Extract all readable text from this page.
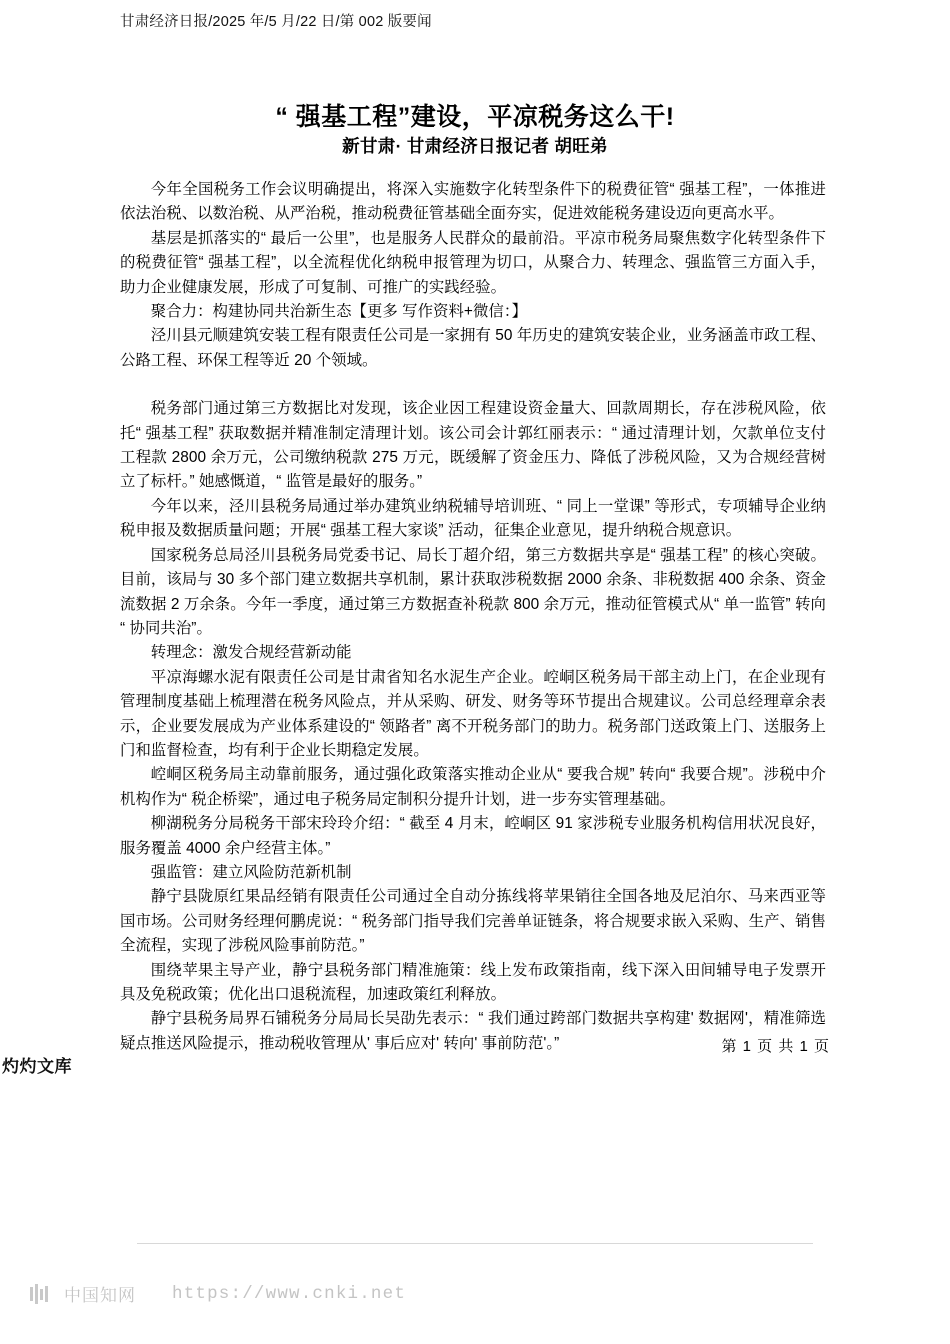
甘肃经济日报/2025 年/5 月/22 日/第 002 版要闻
“ 强基工程”建设，平凉税务这么干!
新甘肃· 甘肃经济日报记者 胡旺弟

今年全国税务工作会议明确提出，将深入实施数字化转型条件下的税费征管“ 强基工程”，一体推进依法治税、以数治税、从严治税，推动税费征管基础全面夯实，促进效能税务建设迈向更高水平。

基层是抓落实的“ 最后一公里”，也是服务人民群众的最前沿。平凉市税务局聚焦数字化转型条件下的税费征管“ 强基工程”，以全流程优化纳税申报管理为切口，从聚合力、转理念、强监管三方面入手，助力企业健康发展，形成了可复制、可推广的实践经验。

聚合力：构建协同共治新生态【更多 写作资料+微信：】

泾川县元顺建筑安装工程有限责任公司是一家拥有 50 年历史的建筑安装企业，业务涵盖市政工程、公路工程、环保工程等近 20 个领域。

税务部门通过第三方数据比对发现，该企业因工程建设资金量大、回款周期长，存在涉税风险，依托“ 强基工程” 获取数据并精准制定清理计划。该公司会计郭红丽表示：“ 通过清理计划，欠款单位支付工程款 2800 余万元，公司缴纳税款 275 万元，既缓解了资金压力、降低了涉税风险，又为合规经营树立了标杆。” 她感慨道，“ 监管是最好的服务。”

今年以来，泾川县税务局通过举办建筑业纳税辅导培训班、“ 同上一堂课” 等形式，专项辅导企业纳税申报及数据质量问题；开展“ 强基工程大家谈” 活动，征集企业意见，提升纳税合规意识。

国家税务总局泾川县税务局党委书记、局长丁超介绍，第三方数据共享是“ 强基工程” 的核心突破。目前，该局与 30 多个部门建立数据共享机制，累计获取涉税数据 2000 余条、非税数据 400 余条、资金流数据 2 万余条。今年一季度，通过第三方数据查补税款 800 余万元，推动征管模式从“ 单一监管” 转向“ 协同共治”。

转理念：激发合规经营新动能

平凉海螺水泥有限责任公司是甘肃省知名水泥生产企业。崆峒区税务局干部主动上门，在企业现有管理制度基础上梳理潜在税务风险点，并从采购、研发、财务等环节提出合规建议。公司总经理章余表示，企业要发展成为产业体系建设的“ 领路者” 离不开税务部门的助力。税务部门送政策上门、送服务上门和监督检查，均有利于企业长期稳定发展。

崆峒区税务局主动靠前服务，通过强化政策落实推动企业从“ 要我合规” 转向“ 我要合规”。涉税中介机构作为“ 税企桥梁”，通过电子税务局定制积分提升计划，进一步夯实管理基础。

柳湖税务分局税务干部宋玲玲介绍：“ 截至 4 月末，崆峒区 91 家涉税专业服务机构信用状况良好，服务覆盖 4000 余户经营主体。”

强监管：建立风险防范新机制

静宁县陇原红果品经销有限责任公司通过全自动分拣线将苹果销往全国各地及尼泊尔、马来西亚等国市场。公司财务经理何鹏虎说：“ 税务部门指导我们完善单证链条，将合规要求嵌入采购、生产、销售全流程，实现了涉税风险事前防范。”

围绕苹果主导产业，静宁县税务部门精准施策：线上发布政策指南，线下深入田间辅导电子发票开具及免税政策；优化出口退税流程，加速政策红利释放。

静宁县税务局界石铺税务分局局长吴劭先表示：“ 我们通过跨部门数据共享构建' 数据网'，精准筛选疑点推送风险提示，推动税收管理从' 事后应对' 转向' 事前防范'。”	第 1 页 共 1 页
灼灼文库
中国知网 https://www.cnki.net
